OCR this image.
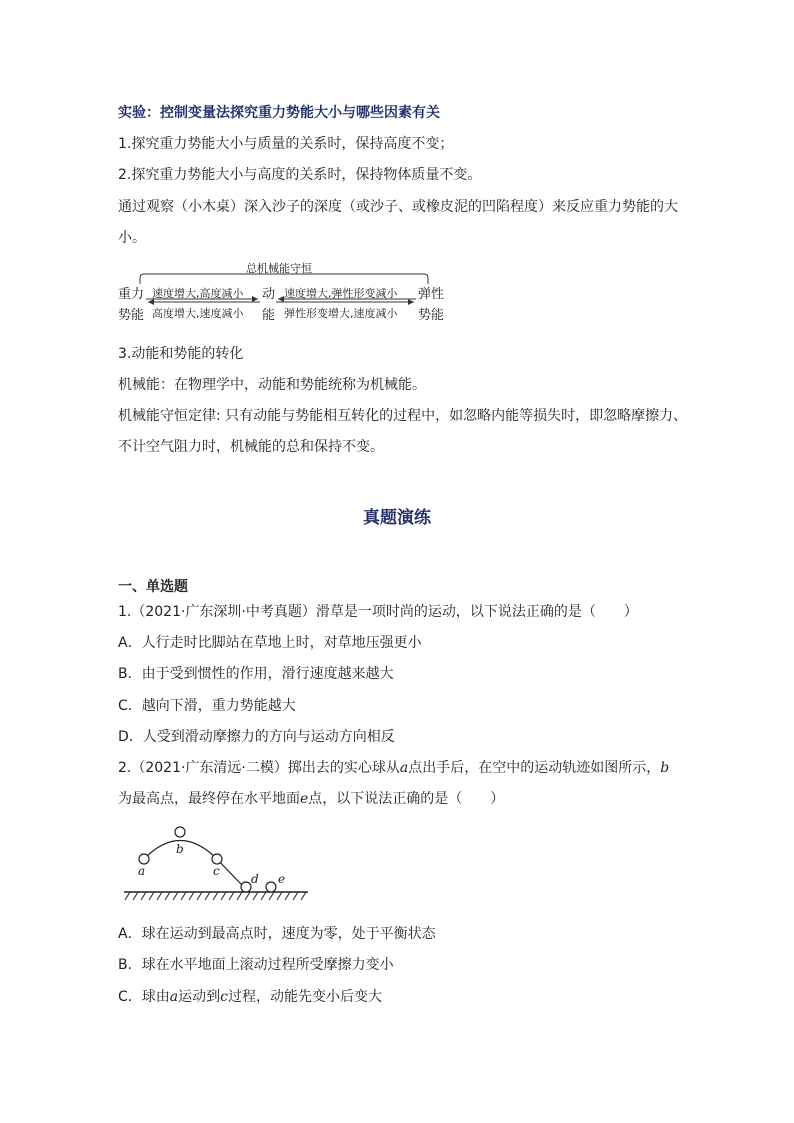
实验：控制变量法探究重力势能大小与哪些因素有关
1.探究重力势能大小与质量的关系时，保持高度不变；
2.探究重力势能大小与高度的关系时，保持物体质量不变。
通过观察（小木桌）深入沙子的深度（或沙子、或橡皮泥的凹陷程度）来反应重力势能的大
小。
总机械能守恒
重力
势能
动
能
弹性
势能
速度增大,高度减小
高度增大,速度减小
速度增大,弹性形变减小
弹性形变增大,速度减小
3.动能和势能的转化
机械能：在物理学中，动能和势能统称为机械能。
机械能守恒定律: 只有动能与势能相互转化的过程中，如忽略内能等损失时，即忽略摩擦力、
不计空气阻力时，机械能的总和保持不变。
真题演练
一、单选题
1.（2021·广东深圳·中考真题）滑草是一项时尚的运动，以下说法正确的是（　　）
A．人行走时比脚站在草地上时，对草地压强更小
B．由于受到惯性的作用，滑行速度越来越大
C．越向下滑，重力势能越大
D．人受到滑动摩擦力的方向与运动方向相反
2.（2021·广东清远·二模）掷出去的实心球从a点出手后，在空中的运动轨迹如图所示，b
为最高点，最终停在水平地面e点，以下说法正确的是（　　）
a
b
c
d e
A．球在运动到最高点时，速度为零，处于平衡状态
B．球在水平地面上滚动过程所受摩擦力变小
C．球由a运动到c过程，动能先变小后变大
